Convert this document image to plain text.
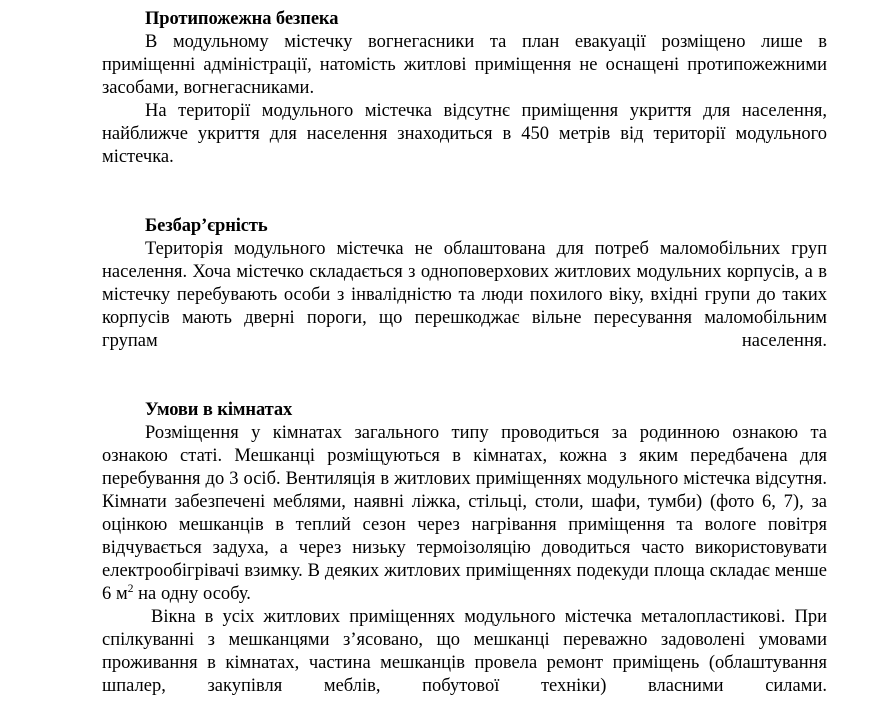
Протипожежна безпека

В модульному містечку вогнегасники та план евакуації розміщено лише в приміщенні адміністрації, натомість житлові приміщення не оснащені протипожежними засобами, вогнегасниками.

На території модульного містечка відсутнє приміщення укриття для населення, найближче укриття для населення знаходиться в 450 метрів від території модульного містечка.

Безбар’єрність

Територія модульного містечка не облаштована для потреб маломобільних груп населення. Хоча містечко складається з одноповерхових житлових модульних корпусів, а в містечку перебувають особи з інвалідністю та люди похилого віку, вхідні групи до таких корпусів мають дверні пороги, що перешкоджає вільне пересування маломобільним групам населення.

Умови в кімнатах

Розміщення у кімнатах загального типу проводиться за родинною ознакою та ознакою статі. Мешканці розміщуються в кімнатах, кожна з яким передбачена для перебування до 3 осіб. Вентиляція в житлових приміщеннях модульного містечка відсутня. Кімнати забезпечені меблями, наявні ліжка, стільці, столи, шафи, тумби) (фото 6, 7), за оцінкою мешканців в теплий сезон через нагрівання приміщення та вологе повітря відчувається задуха, а через низьку термоізоляцію доводиться часто використовувати електрообігрівачі взимку. В деяких житлових приміщеннях подекуди площа складає менше 6 $м^2$ на одну особу.

Вікна в усіх житлових приміщеннях модульного містечка металопластикові. При спілкуванні з мешканцями з’ясовано, що мешканці переважно задоволені умовами проживання в кімнатах, частина мешканців провела ремонт приміщень (облаштування шпалер, закупівля меблів, побутової техніки) власними силами.
